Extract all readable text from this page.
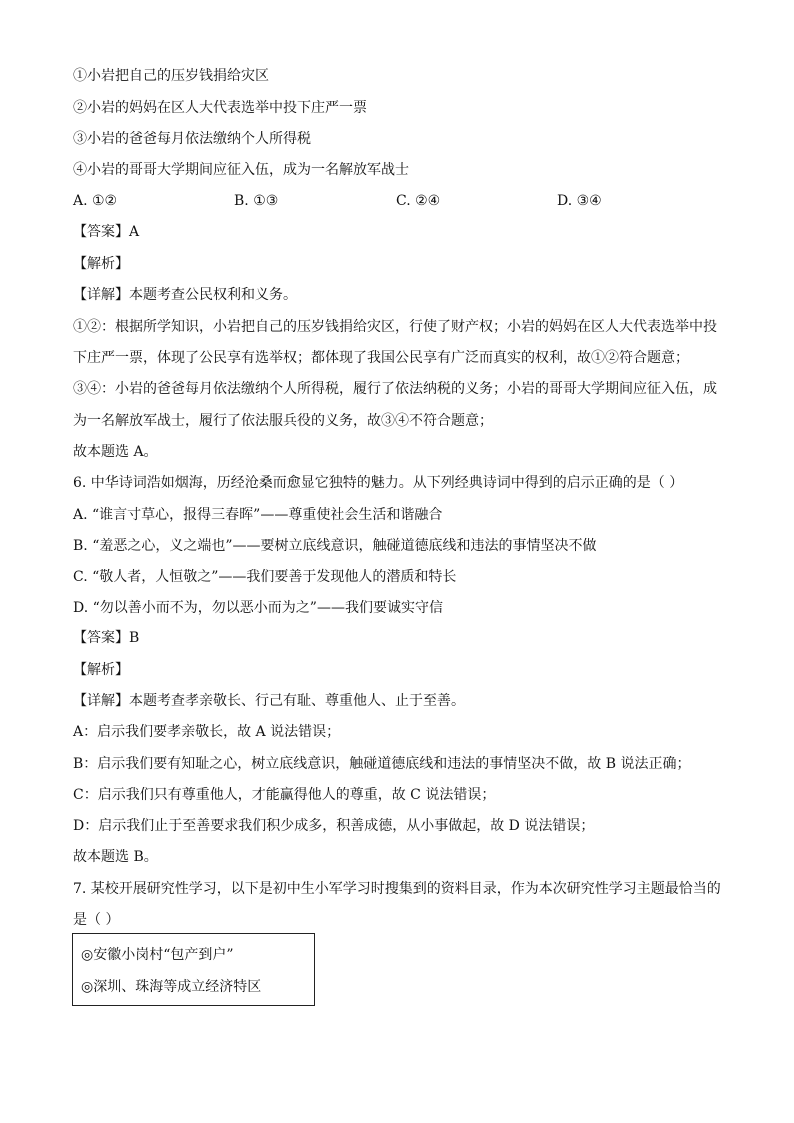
①小岩把自己的压岁钱捐给灾区

②小岩的妈妈在区人大代表选举中投下庄严一票

③小岩的爸爸每月依法缴纳个人所得税

④小岩的哥哥大学期间应征入伍，成为一名解放军战士

A. ①②	B. ①③	C. ②④	D. ③④

【答案】A

【解析】

【详解】本题考查公民权利和义务。

①②：根据所学知识，小岩把自己的压岁钱捐给灾区，行使了财产权；小岩的妈妈在区人大代表选举中投

下庄严一票，体现了公民享有选举权；都体现了我国公民享有广泛而真实的权利，故①②符合题意；

③④：小岩的爸爸每月依法缴纳个人所得税，履行了依法纳税的义务；小岩的哥哥大学期间应征入伍，成

为一名解放军战士，履行了依法服兵役的义务，故③④不符合题意；

故本题选 A。

6. 中华诗词浩如烟海，历经沧桑而愈显它独特的魅力。从下列经典诗词中得到的启示正确的是（ ）

A. “谁言寸草心，报得三春晖”——尊重使社会生活和谐融合

B. “羞恶之心，义之端也”——要树立底线意识，触碰道德底线和违法的事情坚决不做

C. “敬人者，人恒敬之”——我们要善于发现他人的潜质和特长

D. “勿以善小而不为，勿以恶小而为之”——我们要诚实守信

【答案】B

【解析】

【详解】本题考查孝亲敬长、行己有耻、尊重他人、止于至善。

A：启示我们要孝亲敬长，故 A 说法错误；

B：启示我们要有知耻之心，树立底线意识，触碰道德底线和违法的事情坚决不做，故 B 说法正确；

C：启示我们只有尊重他人，才能赢得他人的尊重，故 C 说法错误；

D：启示我们止于至善要求我们积少成多，积善成德，从小事做起，故 D 说法错误；

故本题选 B。

7. 某校开展研究性学习，以下是初中生小军学习时搜集到的资料目录，作为本次研究性学习主题最恰当的

是（ ）

◎安徽小岗村“包产到户”
◎深圳、珠海等成立经济特区
